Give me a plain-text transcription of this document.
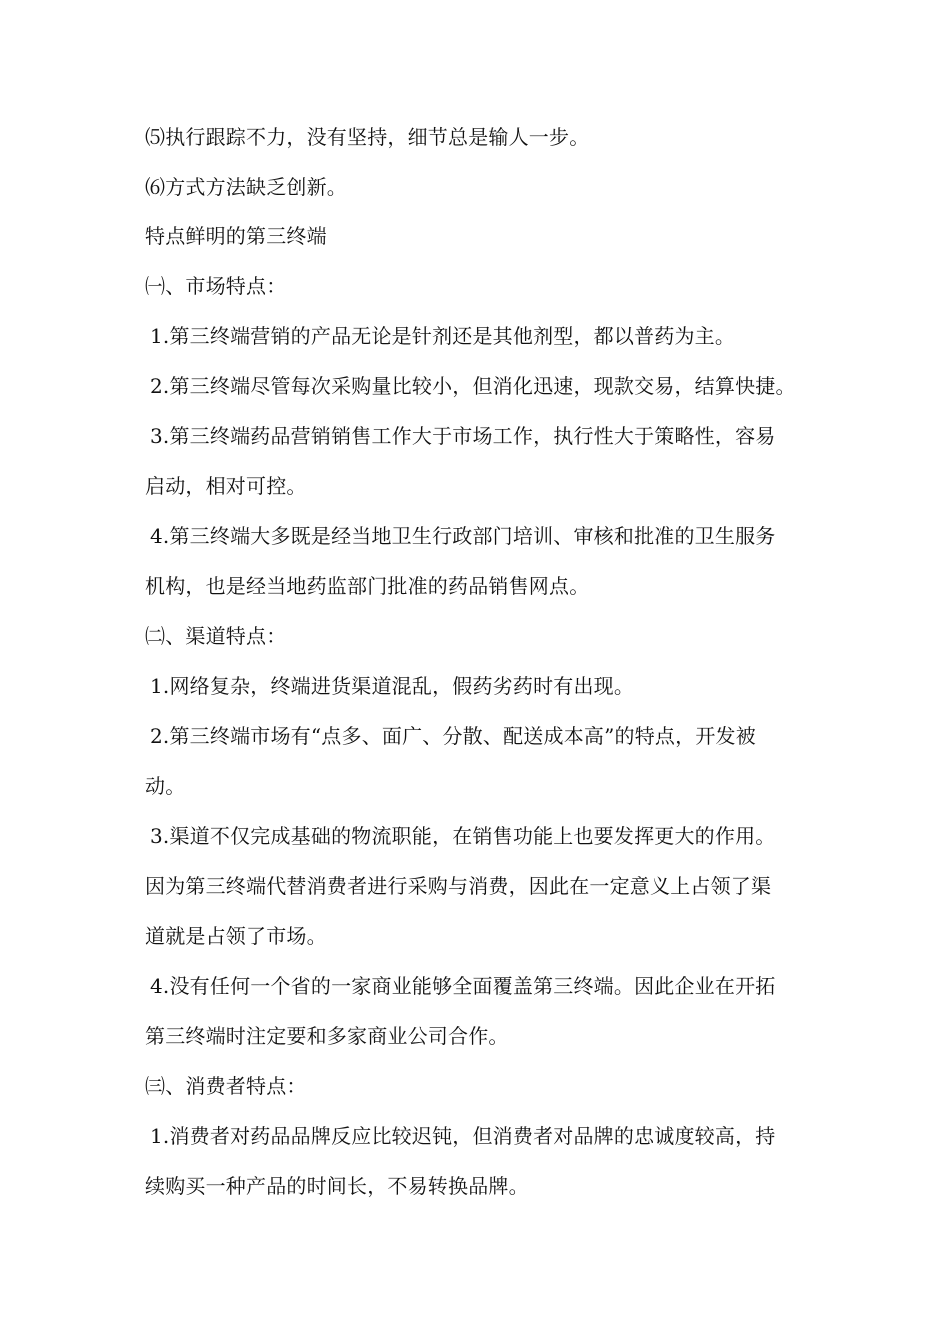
⑸执行跟踪不力，没有坚持，细节总是输人一步。
⑹方式方法缺乏创新。
特点鲜明的第三终端
㈠、市场特点：
1.第三终端营销的产品无论是针剂还是其他剂型，都以普药为主。
2.第三终端尽管每次采购量比较小，但消化迅速，现款交易，结算快捷。
3.第三终端药品营销销售工作大于市场工作，执行性大于策略性，容易
启动，相对可控。
4.第三终端大多既是经当地卫生行政部门培训、审核和批准的卫生服务
机构，也是经当地药监部门批准的药品销售网点。
㈡、渠道特点：
1.网络复杂，终端进货渠道混乱，假药劣药时有出现。
2.第三终端市场有“点多、面广、分散、配送成本高”的特点，开发被
动。
3.渠道不仅完成基础的物流职能，在销售功能上也要发挥更大的作用。
因为第三终端代替消费者进行采购与消费，因此在一定意义上占领了渠
道就是占领了市场。
4.没有任何一个省的一家商业能够全面覆盖第三终端。因此企业在开拓
第三终端时注定要和多家商业公司合作。
㈢、消费者特点：
1.消费者对药品品牌反应比较迟钝，但消费者对品牌的忠诚度较高，持
续购买一种产品的时间长，不易转换品牌。
